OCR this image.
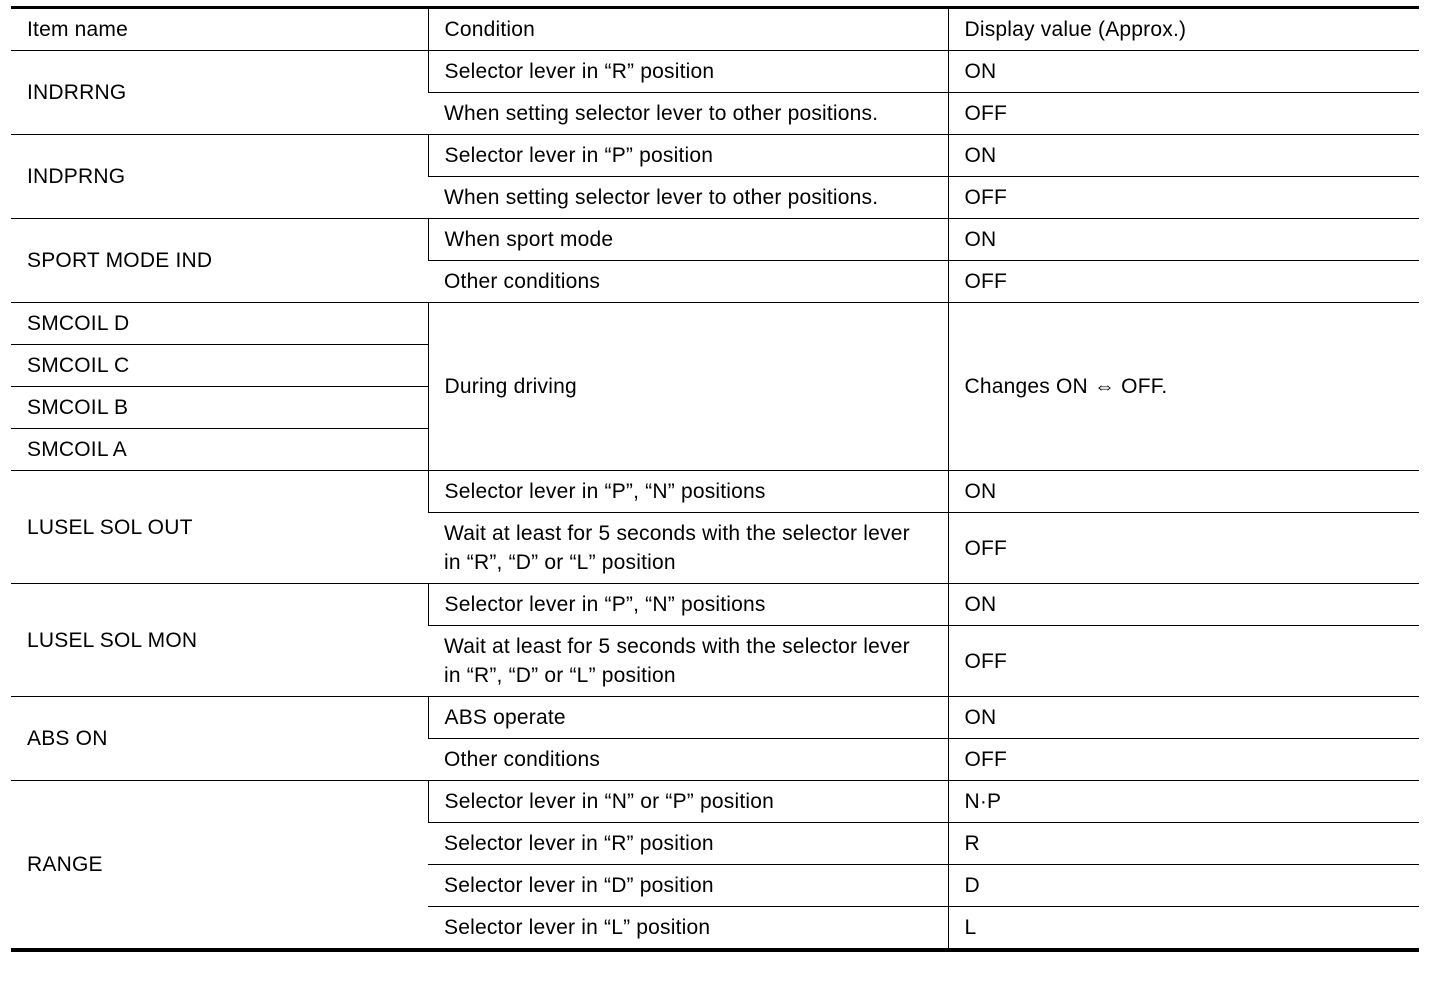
Item name	Condition	Display value (Approx.)
INDRRNG	Selector lever in “R” position	ON
	When setting selector lever to other positions.	OFF
INDPRNG	Selector lever in “P” position	ON
	When setting selector lever to other positions.	OFF
SPORT MODE IND	When sport mode	ON
	Other conditions	OFF
SMCOIL D	During driving	Changes ON ⇔ OFF.
SMCOIL C		
SMCOIL B		
SMCOIL A		
LUSEL SOL OUT	Selector lever in “P”, “N” positions	ON
	Wait at least for 5 seconds with the selector lever
in “R”, “D” or “L” position	OFF
LUSEL SOL MON	Selector lever in “P”, “N” positions	ON
	Wait at least for 5 seconds with the selector lever
in “R”, “D” or “L” position	OFF
ABS ON	ABS operate	ON
	Other conditions	OFF
RANGE	Selector lever in “N” or “P” position	N·P
	Selector lever in “R” position	R
	Selector lever in “D” position	D
	Selector lever in “L” position	L
